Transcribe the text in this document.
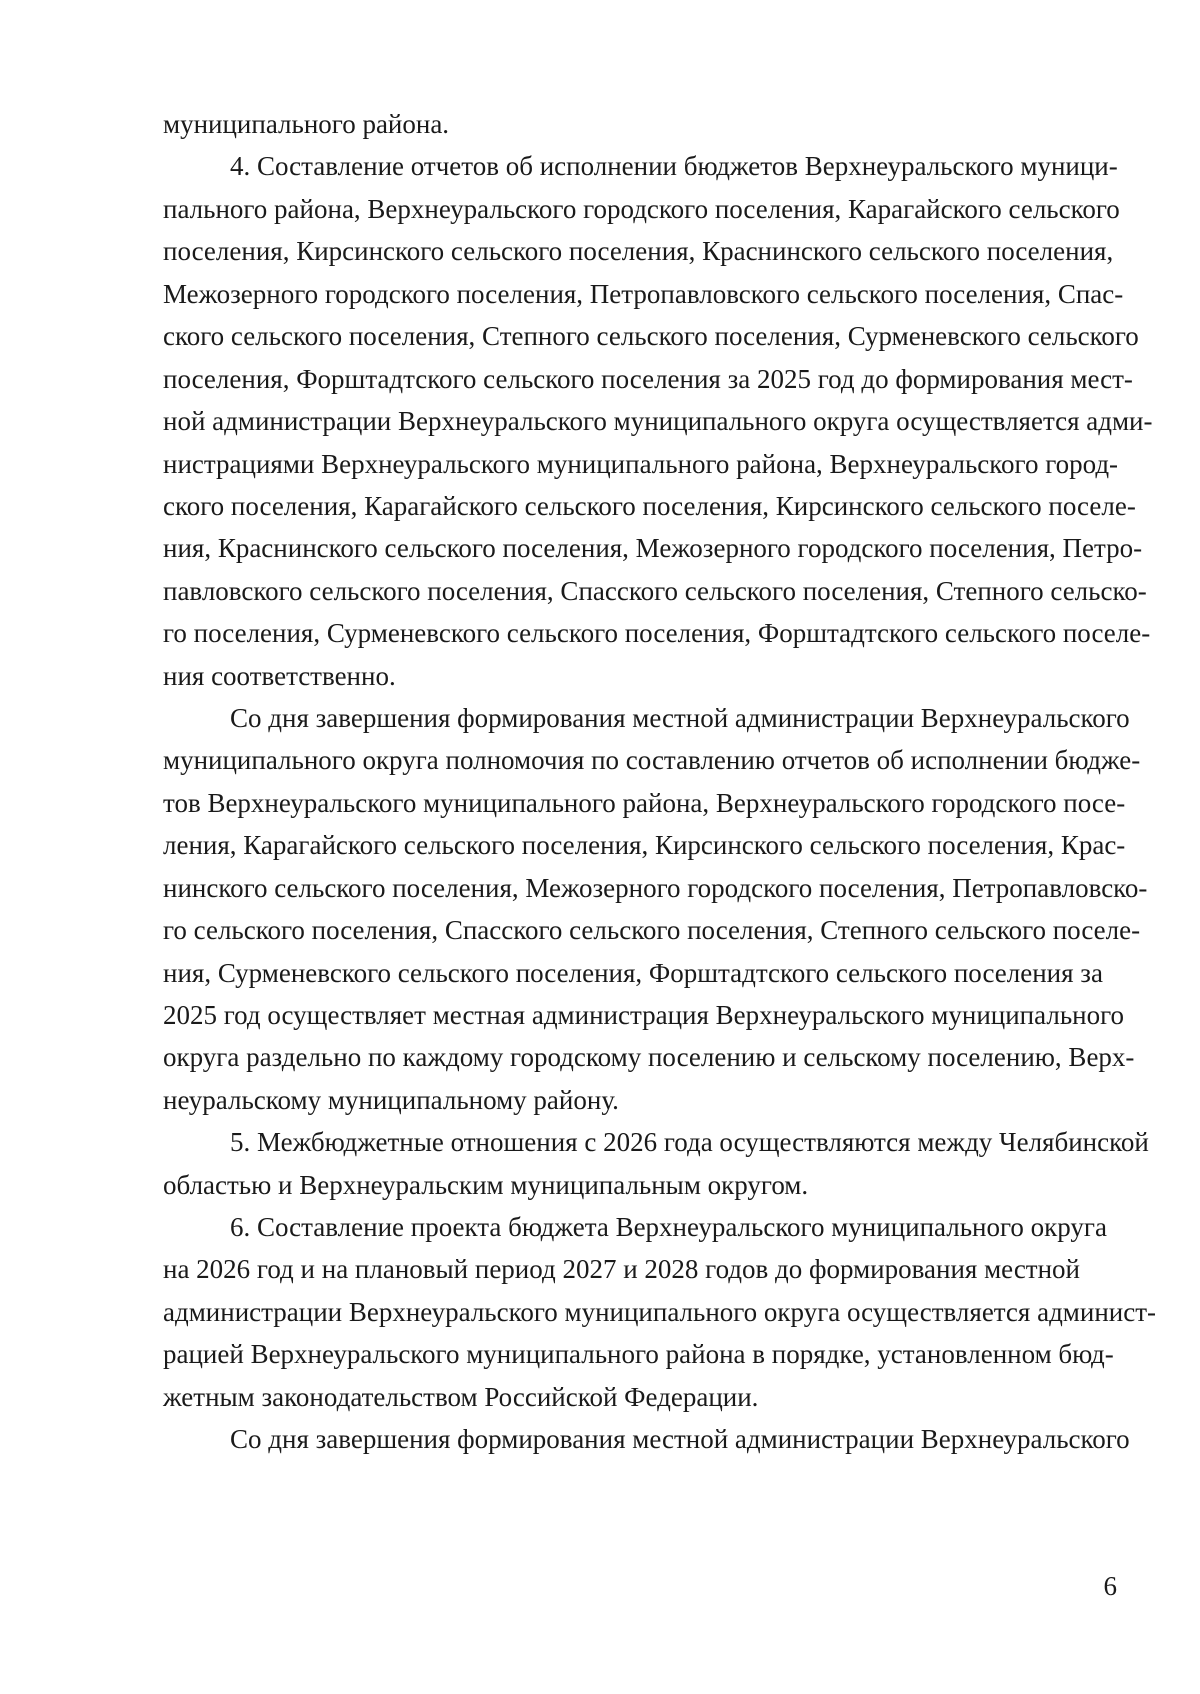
муниципального района.
4. Составление отчетов об исполнении бюджетов Верхнеуральского муници-
пального района, Верхнеуральского городского поселения, Карагайского сельского
поселения, Кирсинского сельского поселения, Краснинского сельского поселения,
Межозерного городского поселения, Петропавловского сельского поселения, Спас-
ского сельского поселения, Степного сельского поселения, Сурменевского сельского
поселения, Форштадтского сельского поселения за 2025 год до формирования мест-
ной администрации Верхнеуральского муниципального округа осуществляется адми-
нистрациями Верхнеуральского муниципального района, Верхнеуральского город-
ского поселения, Карагайского сельского поселения, Кирсинского сельского поселе-
ния, Краснинского сельского поселения, Межозерного городского поселения, Петро-
павловского сельского поселения, Спасского сельского поселения, Степного сельско-
го поселения, Сурменевского сельского поселения, Форштадтского сельского поселе-
ния соответственно.
Со дня завершения формирования местной администрации Верхнеуральского
муниципального округа полномочия по составлению отчетов об исполнении бюдже-
тов Верхнеуральского муниципального района, Верхнеуральского городского посе-
ления, Карагайского сельского поселения, Кирсинского сельского поселения, Крас-
нинского сельского поселения, Межозерного городского поселения, Петропавловско-
го сельского поселения, Спасского сельского поселения, Степного сельского поселе-
ния, Сурменевского сельского поселения, Форштадтского сельского поселения за
2025 год осуществляет местная администрация Верхнеуральского муниципального
округа раздельно по каждому городскому поселению и сельскому поселению, Верх-
неуральскому муниципальному району.
5. Межбюджетные отношения с 2026 года осуществляются между Челябинской
областью и Верхнеуральским муниципальным округом.
6. Составление проекта бюджета Верхнеуральского муниципального округа
на 2026 год и на плановый период 2027 и 2028 годов до формирования местной
администрации Верхнеуральского муниципального округа осуществляется админист-
рацией Верхнеуральского муниципального района в порядке, установленном бюд-
жетным законодательством Российской Федерации.
Со дня завершения формирования местной администрации Верхнеуральского
6
